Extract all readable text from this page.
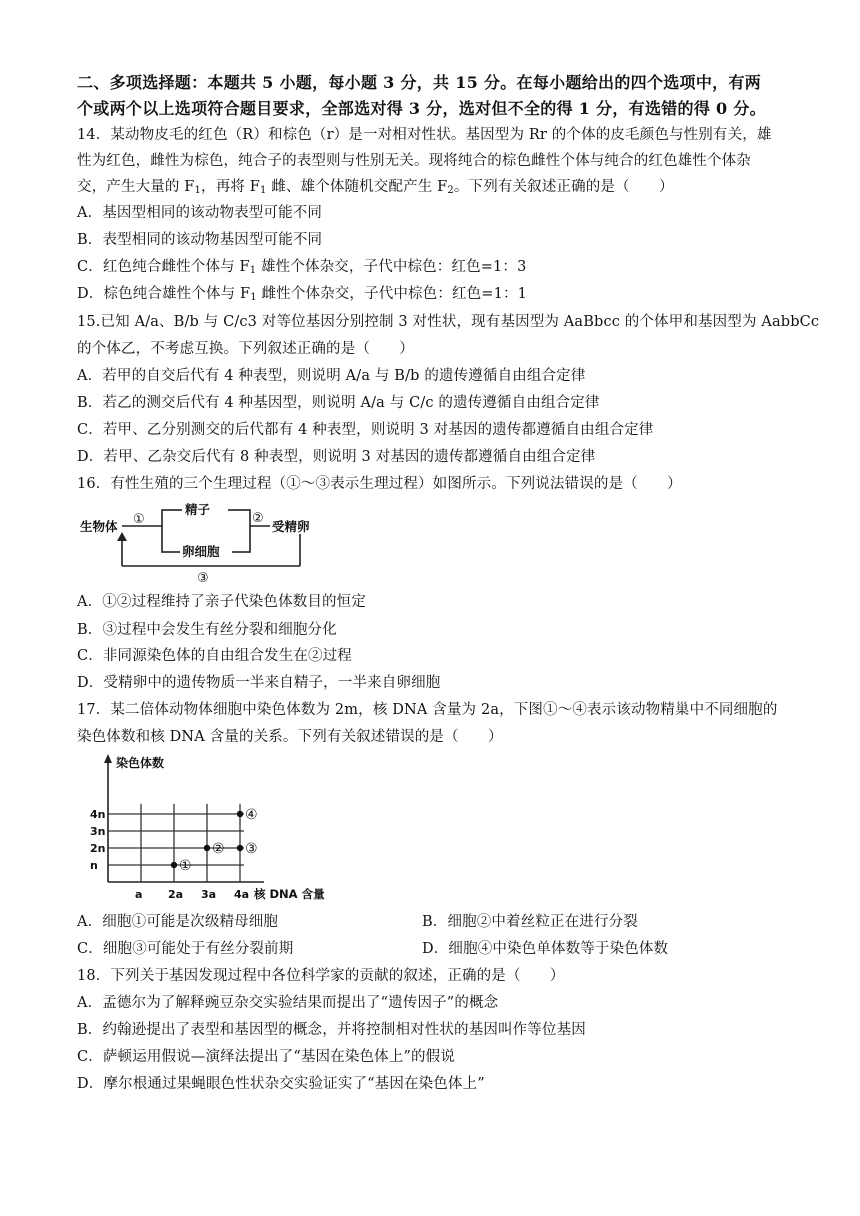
二、多项选择题：本题共 5 小题，每小题 3 分，共 15 分。在每小题给出的四个选项中，有两
个或两个以上选项符合题目要求，全部选对得 3 分，选对但不全的得 1 分，有选错的得 0 分。
14．某动物皮毛的红色（R）和棕色（r）是一对相对性状。基因型为 Rr 的个体的皮毛颜色与性别有关，雄
性为红色，雌性为棕色，纯合子的表型则与性别无关。现将纯合的棕色雌性个体与纯合的红色雄性个体杂
交，产生大量的 $F_1$，再将 $F_1$ 雌、雄个体随机交配产生 $F_2$。下列有关叙述正确的是（　　）
A．基因型相同的该动物表型可能不同
B．表型相同的该动物基因型可能不同
C．红色纯合雌性个体与 $F_1$ 雄性个体杂交，子代中棕色：红色=1：3
D．棕色纯合雄性个体与 $F_1$ 雌性个体杂交，子代中棕色：红色=1：1
15.已知 A/a、B/b 与 C/c3 对等位基因分别控制 3 对性状，现有基因型为 AaBbcc 的个体甲和基因型为 AabbCc
的个体乙，不考虑互换。下列叙述正确的是（　　）
A．若甲的自交后代有 4 种表型，则说明 A/a 与 B/b 的遗传遵循自由组合定律
B．若乙的测交后代有 4 种基因型，则说明 A/a 与 C/c 的遗传遵循自由组合定律
C．若甲、乙分别测交的后代都有 4 种表型，则说明 3 对基因的遗传都遵循自由组合定律
D．若甲、乙杂交后代有 8 种表型，则说明 3 对基因的遗传都遵循自由组合定律
16．有性生殖的三个生理过程（①～③表示生理过程）如图所示。下列说法错误的是（　　）
生物体 ①
精子
卵细胞
②
受精卵
③
A．①②过程维持了亲子代染色体数目的恒定
B．③过程中会发生有丝分裂和细胞分化
C．非同源染色体的自由组合发生在②过程
D．受精卵中的遗传物质一半来自精子，一半来自卵细胞
17．某二倍体动物体细胞中染色体数为 2m，核 DNA 含量为 2a，下图①～④表示该动物精巢中不同细胞的
染色体数和核 DNA 含量的关系。下列有关叙述错误的是（　　）
染色体数
核 DNA 含量
4n
3n
2n
n
a 2a 3a 4a
①
② ③
④
A．细胞①可能是次级精母细胞	B．细胞②中着丝粒正在进行分裂
C．细胞③可能处于有丝分裂前期	D．细胞④中染色单体数等于染色体数
18．下列关于基因发现过程中各位科学家的贡献的叙述，正确的是（　　）
A．孟德尔为了解释豌豆杂交实验结果而提出了“遗传因子”的概念
B．约翰逊提出了表型和基因型的概念，并将控制相对性状的基因叫作等位基因
C．萨顿运用假说—演绎法提出了“基因在染色体上”的假说
D．摩尔根通过果蝇眼色性状杂交实验证实了“基因在染色体上”
